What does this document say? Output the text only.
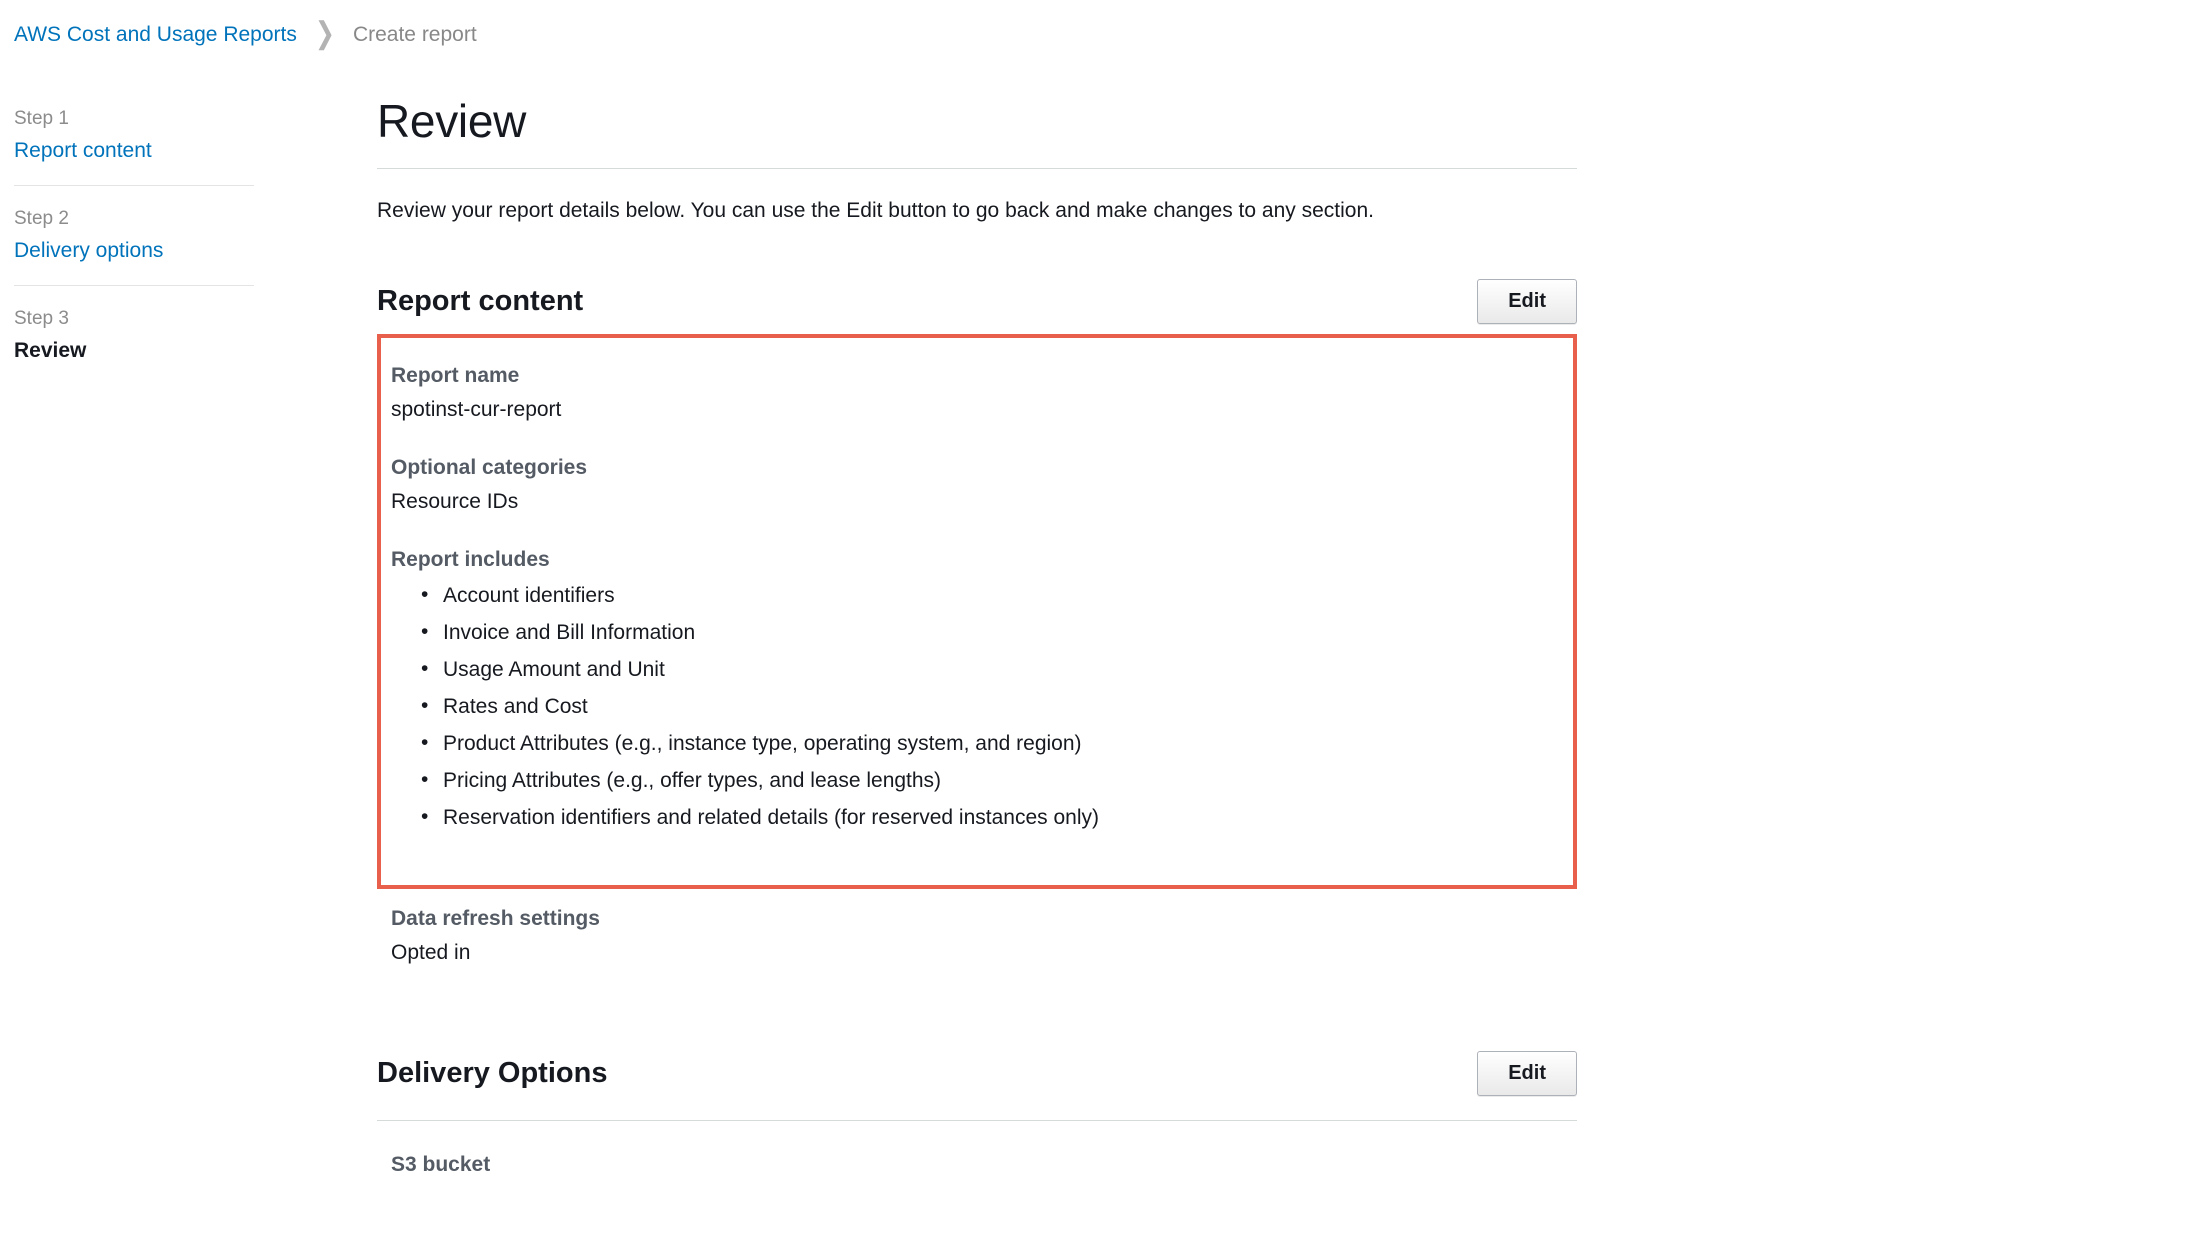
AWS Cost and Usage Reports ❯ Create report
Step 1
Report content
Step 2
Delivery options
Step 3
Review
Review

Review your report details below. You can use the Edit button to go back and make changes to any section.

Report content	Edit
Report name
spotinst-cur-report
Optional categories
Resource IDs
Report includes
• Account identifiers
• Invoice and Bill Information
• Usage Amount and Unit
• Rates and Cost
• Product Attributes (e.g., instance type, operating system, and region)
• Pricing Attributes (e.g., offer types, and lease lengths)
• Reservation identifiers and related details (for reserved instances only)
Data refresh settings
Opted in
Delivery Options	Edit
S3 bucket
